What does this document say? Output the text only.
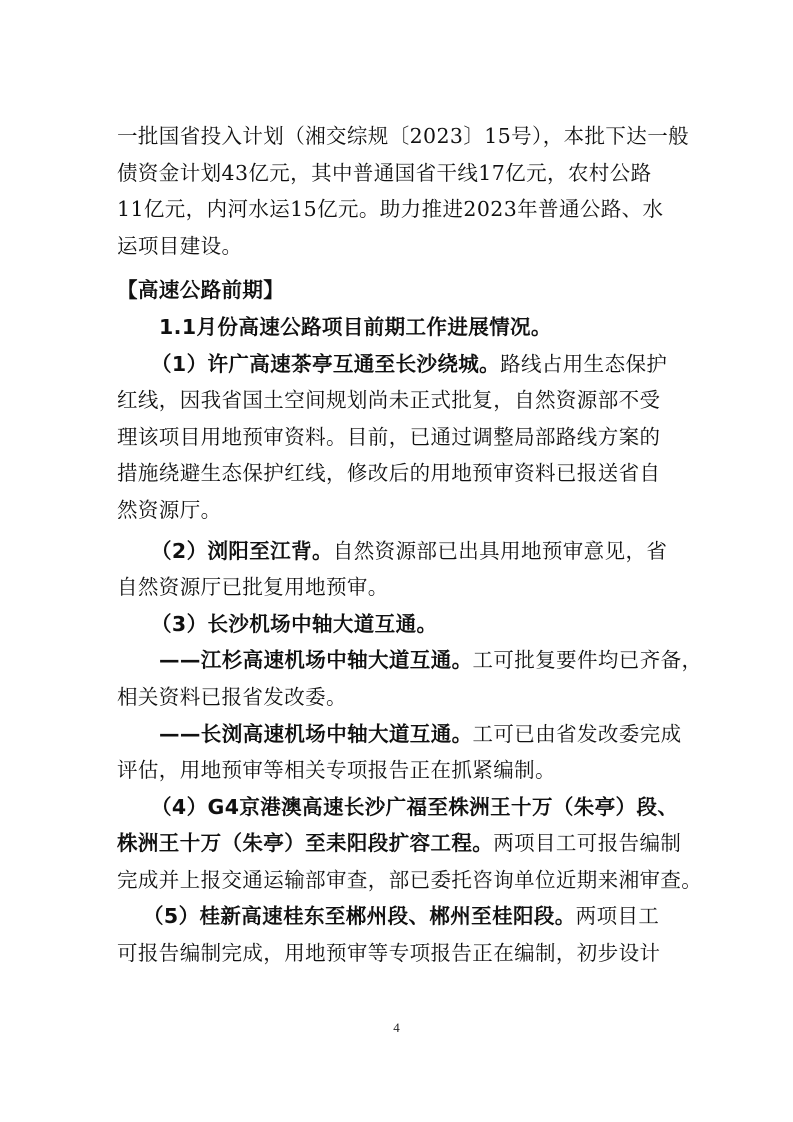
一批国省投入计划（湘交综规〔2023〕15号），本批下达一般
债资金计划43亿元，其中普通国省干线17亿元，农村公路
11亿元，内河水运15亿元。助力推进2023年普通公路、水
运项目建设。
【高速公路前期】
1.1月份高速公路项目前期工作进展情况。
（1）许广高速茶亭互通至长沙绕城。路线占用生态保护
红线，因我省国土空间规划尚未正式批复，自然资源部不受
理该项目用地预审资料。目前，已通过调整局部路线方案的
措施绕避生态保护红线，修改后的用地预审资料已报送省自
然资源厅。
（2）浏阳至江背。自然资源部已出具用地预审意见，省
自然资源厅已批复用地预审。
（3）长沙机场中轴大道互通。
——江杉高速机场中轴大道互通。工可批复要件均已齐备，
相关资料已报省发改委。
——长浏高速机场中轴大道互通。工可已由省发改委完成
评估，用地预审等相关专项报告正在抓紧编制。
（4）G4京港澳高速长沙广福至株洲王十万（朱亭）段、
株洲王十万（朱亭）至耒阳段扩容工程。两项目工可报告编制
完成并上报交通运输部审查，部已委托咨询单位近期来湘审查。
（5）桂新高速桂东至郴州段、郴州至桂阳段。两项目工
可报告编制完成，用地预审等专项报告正在编制，初步设计
4
